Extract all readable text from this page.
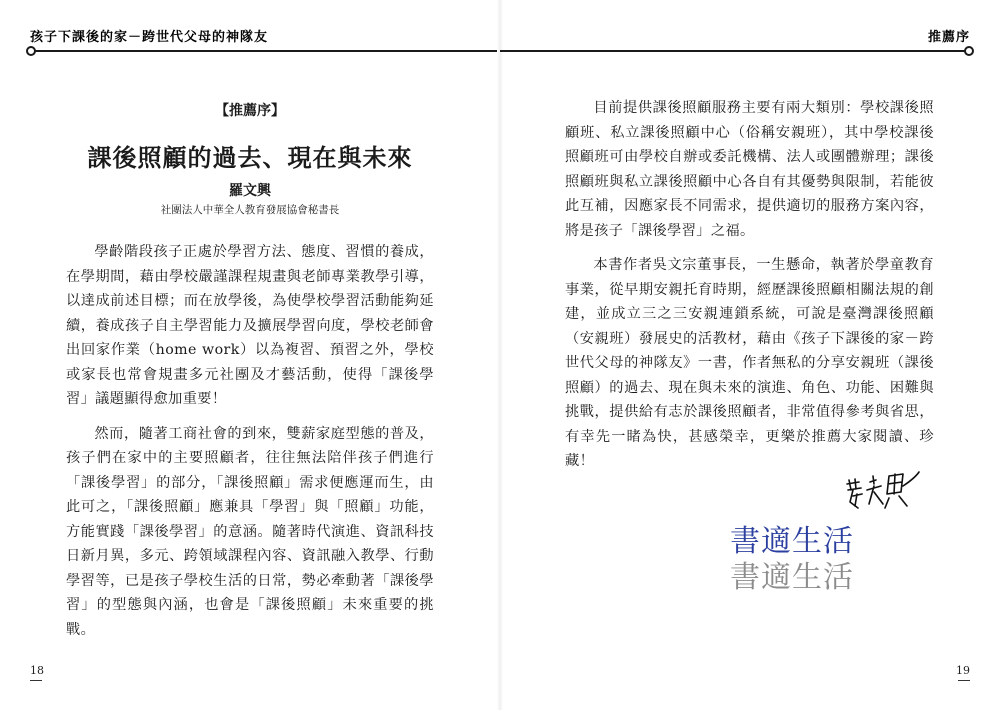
孩子下課後的家－跨世代父母的神隊友
【推薦序】
課後照顧的過去、現在與未來
羅文興
社團法人中華全人教育發展協會秘書長

學齡階段孩子正處於學習方法、態度、習慣的養成，在學期間，藉由學校嚴謹課程規畫與老師專業教學引導，以達成前述目標；而在放學後，為使學校學習活動能夠延續，養成孩子自主學習能力及擴展學習向度，學校老師會出回家作業（home work）以為複習、預習之外，學校或家長也常會規畫多元社團及才藝活動，使得「課後學習」議題顯得愈加重要！

然而，隨著工商社會的到來，雙薪家庭型態的普及，孩子們在家中的主要照顧者，往往無法陪伴孩子們進行「課後學習」的部分，「課後照顧」需求便應運而生，由此可之，「課後照顧」應兼具「學習」與「照顧」功能，方能實踐「課後學習」的意涵。隨著時代演進、資訊科技日新月異，多元、跨領域課程內容、資訊融入教學、行動學習等，已是孩子學校生活的日常，勢必牽動著「課後學習」的型態與內涵，也會是「課後照顧」未來重要的挑戰。

18
推薦序

目前提供課後照顧服務主要有兩大類別：學校課後照顧班、私立課後照顧中心（俗稱安親班），其中學校課後照顧班可由學校自辦或委託機構、法人或團體辦理；課後照顧班與私立課後照顧中心各自有其優勢與限制，若能彼此互補，因應家長不同需求，提供適切的服務方案內容，將是孩子「課後學習」之福。

本書作者吳文宗董事長，一生懸命，執著於學童教育事業，從早期安親托育時期，經歷課後照顧相關法規的創建，並成立三之三安親連鎖系統，可說是臺灣課後照顧（安親班）發展史的活教材，藉由《孩子下課後的家－跨世代父母的神隊友》一書，作者無私的分享安親班（課後照顧）的過去、現在與未來的演進、角色、功能、困難與挑戰，提供給有志於課後照顧者，非常值得參考與省思，有幸先一睹為快，甚感榮幸，更樂於推薦大家閱讀、珍藏！

書適生活
書適生活
19
